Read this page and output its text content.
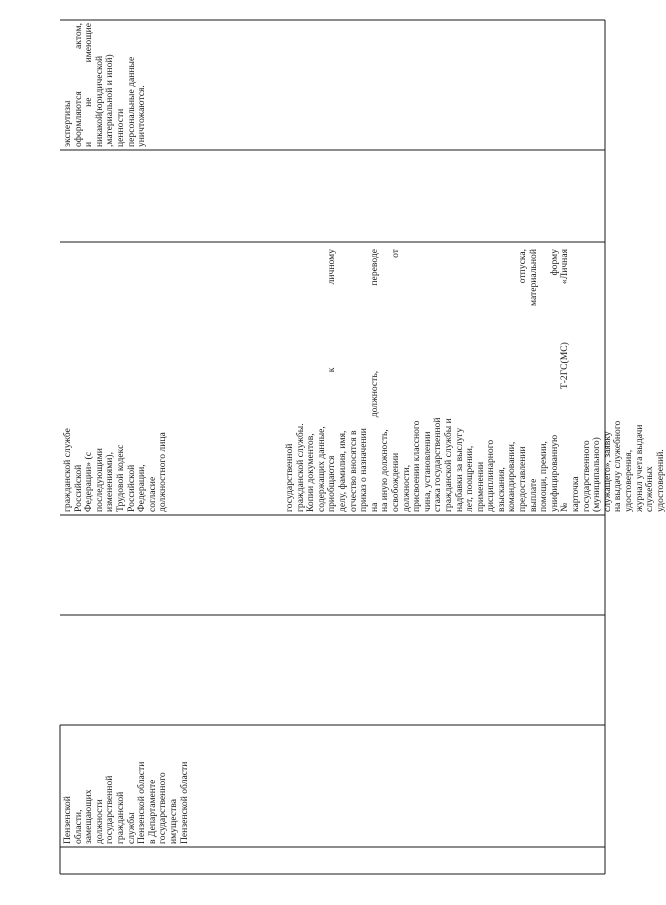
Пензенской области, замещающих должности государственной гражданской службы Пензенской области в Департаменте государственного имущества Пензенской области
гражданской службе Российской Федерации» (с последующими изменениями), Трудовой кодекс Российской Федерации, согласие должностного лица
экспертизы оформляются актом, и не имеющие никакой(юридической ,материальной и иной) ценности персональные данные уничтожаются.
государственной гражданской службы. Копии документов, содержащих данные, приобщаются к личному делу, фамилия, имя, отчество вносятся в приказ о назначении на должность, переводе на иную должность, освобождении от должности, присвоении классного чина, установлении стажа государственной гражданской службы и надбавки за выслугу лет, поощрении, применении дисциплинарного взыскания, командировании, предоставлении отпуска, выплате материальной помощи, премии, унифицированную форму № Т-2ГС(МС) «Личная карточка государственного (муниципального) служащего», заявку на выдачу служебного удостоверения, журнал учета выдачи служебных удостоверений.
